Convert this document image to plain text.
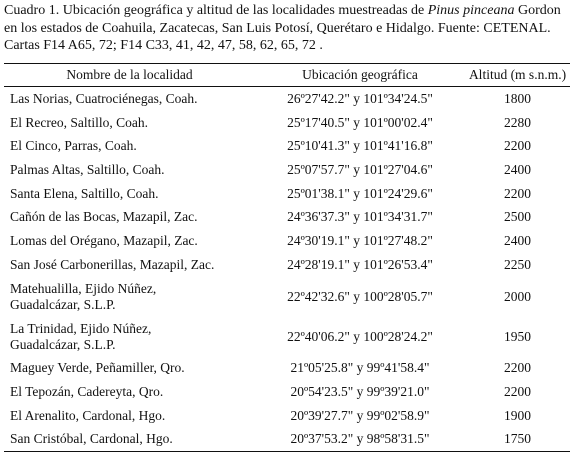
Cuadro 1. Ubicación geográfica y altitud de las localidades muestreadas de Pinus pinceana Gordon en los estados de Coahuila, Zacatecas, San Luis Potosí, Querétaro e Hidalgo. Fuente: CETENAL. Cartas F14 A65, 72; F14 C33, 41, 42, 47, 58, 62, 65, 72 .
Nombre de la localidad	Ubicación geográfica	Altitud (m s.n.m.)
Las Norias, Cuatrociénegas, Coah.	26º27'42.2" y 101º34'24.5"	1800
El Recreo, Saltillo, Coah.	25º17'40.5" y 101º00'02.4"	2280
El Cinco, Parras, Coah.	25º10'41.3" y 101º41'16.8"	2200
Palmas Altas, Saltillo, Coah.	25º07'57.7" y 101º27'04.6"	2400
Santa Elena, Saltillo, Coah.	25º01'38.1" y 101º24'29.6"	2200
Cañón de las Bocas, Mazapil, Zac.	24º36'37.3" y 101º34'31.7"	2500
Lomas del Orégano, Mazapil, Zac.	24º30'19.1" y 101º27'48.2"	2400
San José Carbonerillas, Mazapil, Zac.	24º28'19.1" y 101º26'53.4"	2250

Matehualilla, Ejido Núñez,
Guadalcázar, S.L.P.	22º42'32.6" y 100º28'05.7"	2000

La Trinidad, Ejido Núñez,
Guadalcázar, S.L.P.	22º40'06.2" y 100º28'24.2"	1950
Maguey Verde, Peñamiller, Qro.	21º05'25.8" y 99º41'58.4"	2200
El Tepozán, Cadereyta, Qro.	20º54'23.5" y 99º39'21.0"	2200
El Arenalito, Cardonal, Hgo.	20º39'27.7" y 99º02'58.9"	1900
San Cristóbal, Cardonal, Hgo.	20º37'53.2" y 98º58'31.5"	1750
